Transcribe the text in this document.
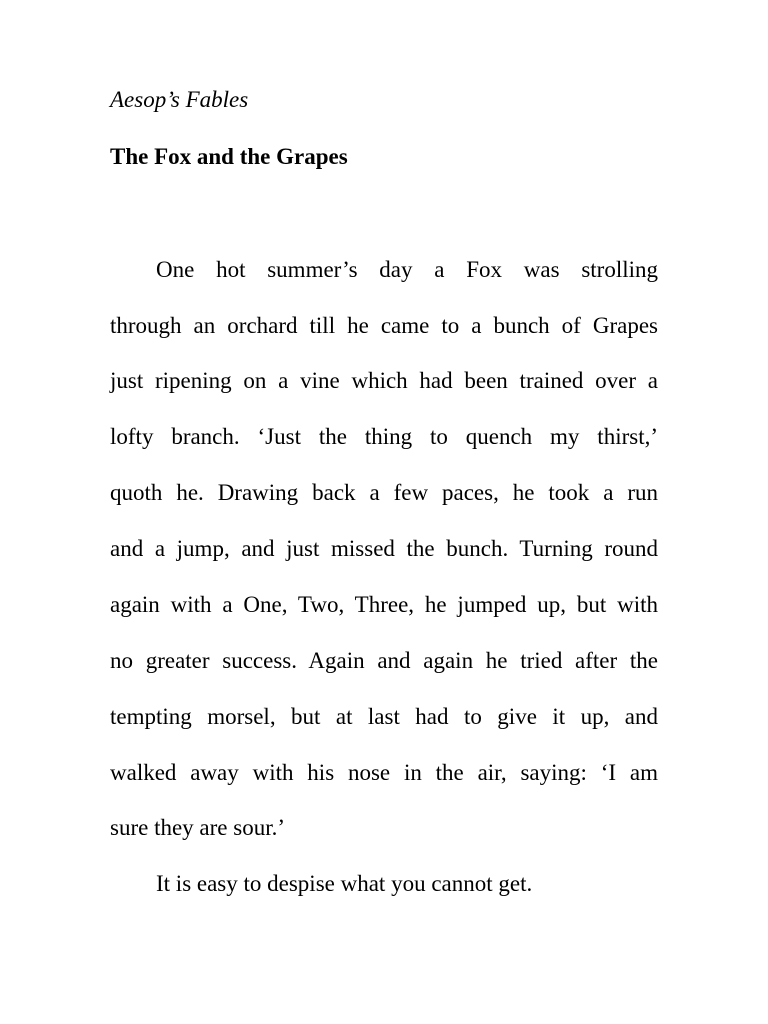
Aesop’s Fables
The Fox and the Grapes

One hot summer’s day a Fox was strolling

through an orchard till he came to a bunch of Grapes

just ripening on a vine which had been trained over a

lofty branch. ‘Just the thing to quench my thirst,’

quoth he. Drawing back a few paces, he took a run

and a jump, and just missed the bunch. Turning round

again with a One, Two, Three, he jumped up, but with

no greater success. Again and again he tried after the

tempting morsel, but at last had to give it up, and

walked away with his nose in the air, saying: ‘I am

sure they are sour.’

It is easy to despise what you cannot get.
